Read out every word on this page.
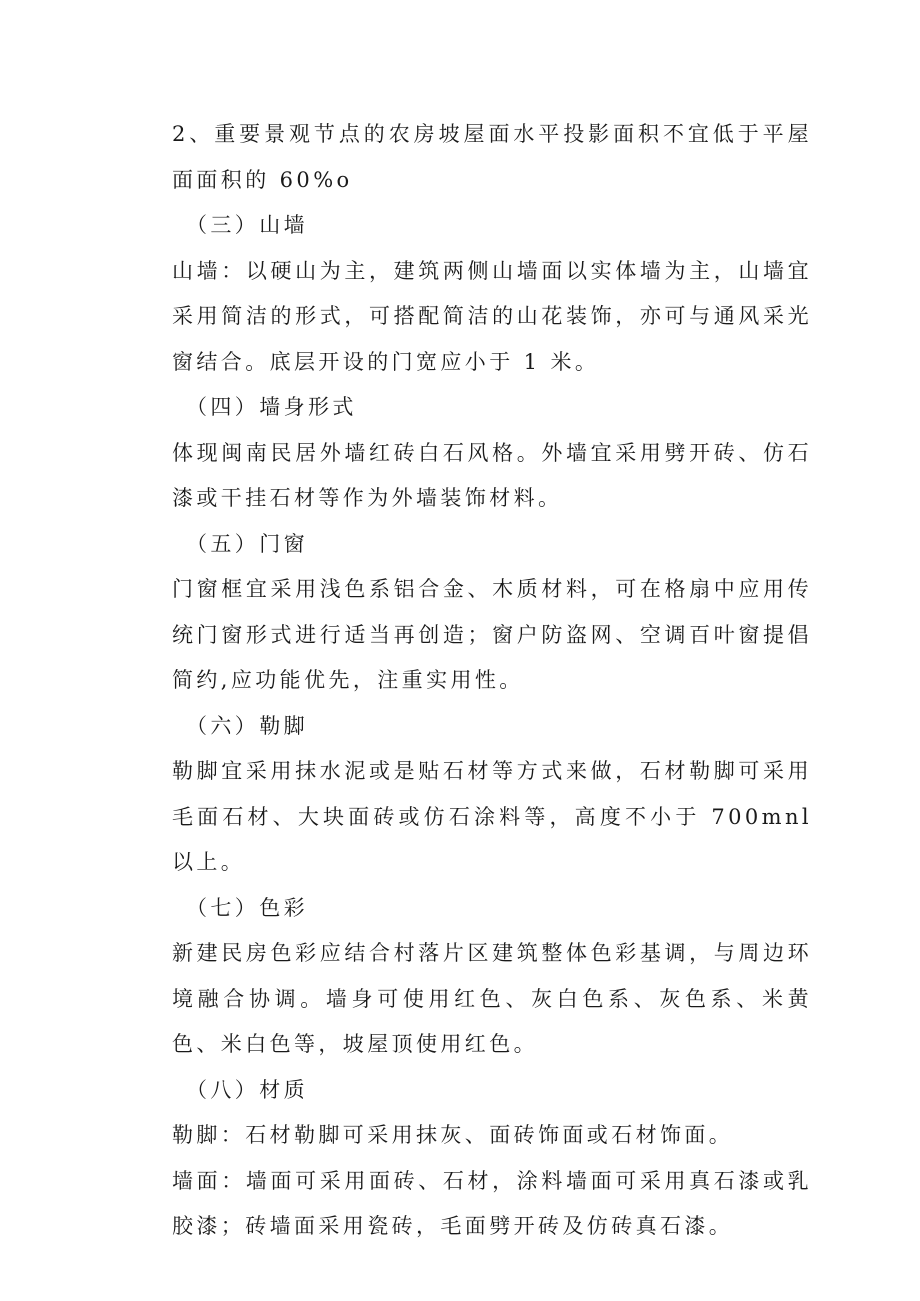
2、重要景观节点的农房坡屋面水平投影面积不宜低于平屋面面积的 60%o

（三）山墙

山墙：以硬山为主，建筑两侧山墙面以实体墙为主，山墙宜采用简洁的形式，可搭配简洁的山花装饰，亦可与通风采光窗结合。底层开设的门宽应小于 1 米。

（四）墙身形式

体现闽南民居外墙红砖白石风格。外墙宜采用劈开砖、仿石漆或干挂石材等作为外墙装饰材料。

（五）门窗

门窗框宜采用浅色系铝合金、木质材料，可在格扇中应用传统门窗形式进行适当再创造；窗户防盗网、空调百叶窗提倡简约,应功能优先，注重实用性。

（六）勒脚

勒脚宜采用抹水泥或是贴石材等方式来做，石材勒脚可采用毛面石材、大块面砖或仿石涂料等，高度不小于 700mnl 以上。

（七）色彩

新建民房色彩应结合村落片区建筑整体色彩基调，与周边环境融合协调。墙身可使用红色、灰白色系、灰色系、米黄色、米白色等，坡屋顶使用红色。

（八）材质

勒脚：石材勒脚可采用抹灰、面砖饰面或石材饰面。

墙面：墙面可采用面砖、石材，涂料墙面可采用真石漆或乳胶漆；砖墙面采用瓷砖，毛面劈开砖及仿砖真石漆。
